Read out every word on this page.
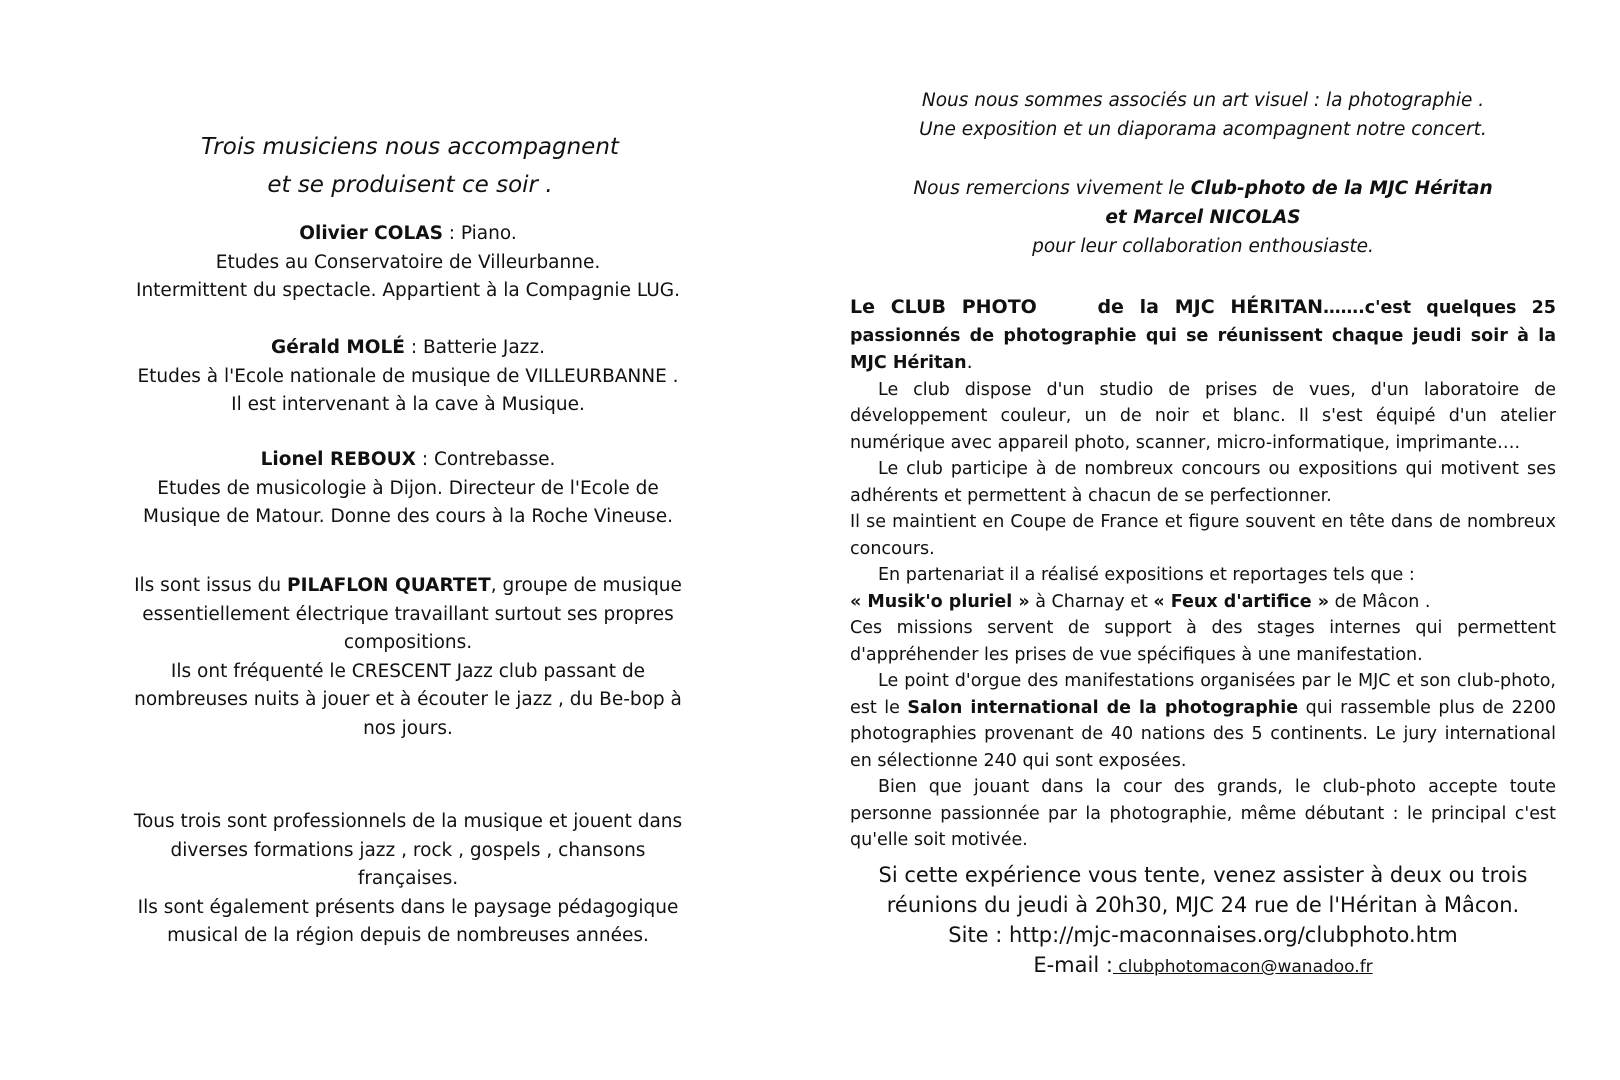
Trois musiciens nous accompagnent
et se produisent ce soir .

Olivier COLAS : Piano.

Etudes au Conservatoire de Villeurbanne.

Intermittent du spectacle. Appartient à la Compagnie LUG.

Gérald MOLÉ : Batterie Jazz.

Etudes à l'Ecole nationale de musique de VILLEURBANNE .

Il est intervenant à la cave à Musique.

Lionel REBOUX : Contrebasse.

Etudes de musicologie à Dijon. Directeur de l'Ecole de

Musique de Matour. Donne des cours à la Roche Vineuse.

Ils sont issus du PILAFLON QUARTET, groupe de musique

essentiellement électrique travaillant surtout ses propres

compositions.

Ils ont fréquenté le CRESCENT Jazz club passant de

nombreuses nuits à jouer et à écouter le jazz , du Be-bop à

nos jours.

Tous trois sont professionnels de la musique et jouent dans

diverses formations jazz , rock , gospels , chansons

françaises.

Ils sont également présents dans le paysage pédagogique

musical de la région depuis de nombreuses années.

Nous nous sommes associés un art visuel : la photographie .
Une exposition et un diaporama acompagnent notre concert.
Nous remercions vivement le Club-photo de la MJC Héritan
et Marcel NICOLAS
pour leur collaboration enthousiaste.

Le CLUB PHOTO	de la MJC HÉRITAN…….c'est quelques 25 passionnés de photographie qui se réunissent chaque jeudi soir à la MJC Héritan.

Le club dispose d'un studio de prises de vues, d'un laboratoire de développement couleur, un de noir et blanc. Il s'est équipé d'un atelier numérique avec appareil photo, scanner, micro-informatique, imprimante….

Le club participe à de nombreux concours ou expositions qui motivent ses adhérents et permettent à chacun de se perfectionner.

Il se maintient en Coupe de France et figure souvent en tête dans de nombreux concours.

En partenariat il a réalisé expositions et reportages tels que :

« Musik'o pluriel » à Charnay et « Feux d'artifice » de Mâcon .

Ces missions servent de support à des stages internes qui permettent d'appréhender les prises de vue spécifiques à une manifestation.

Le point d'orgue des manifestations organisées par le MJC et son club-photo, est le Salon international de la photographie qui rassemble plus de 2200 photographies provenant de 40 nations des 5 continents. Le jury international en sélectionne 240 qui sont exposées.

Bien que jouant dans la cour des grands, le club-photo accepte toute personne passionnée par la photographie, même débutant : le principal c'est qu'elle soit motivée.

Si cette expérience vous tente, venez assister à deux ou trois
réunions du jeudi à 20h30, MJC 24 rue de l'Héritan à Mâcon.
Site : http://mjc-maconnaises.org/clubphoto.htm
E-mail : clubphotomacon@wanadoo.fr
